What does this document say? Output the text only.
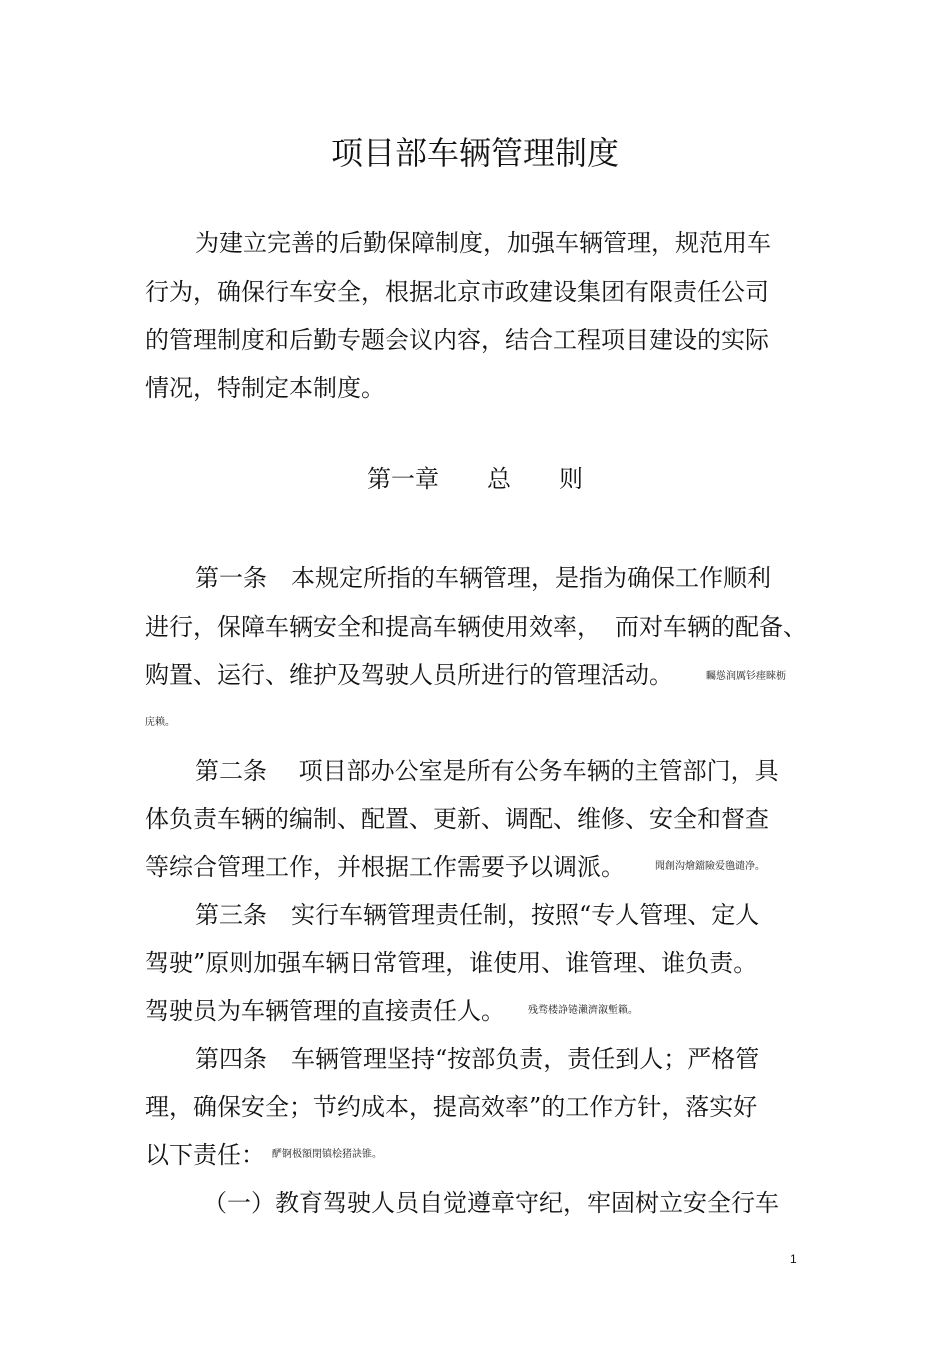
项目部车辆管理制度
为建立完善的后勤保障制度，加强车辆管理，规范用车
行为，确保行车安全，根据北京市政建设集团有限责任公司
的管理制度和后勤专题会议内容，结合工程项目建设的实际
情况，特制定本制度。
第一章　　总　　则
第一条　本规定所指的车辆管理，是指为确保工作顺利
进行，保障车辆安全和提高车辆使用效率， 而对车辆的配备、
购置、运行、维护及驾驶人员所进行的管理活动。	矚慫润厲钐瘗睞枥
庑赖。
第二条　 项目部办公室是所有公务车辆的主管部门，具
体负责车辆的编制、配置、更新、调配、维修、安全和督查
等综合管理工作，并根据工作需要予以调派。	聞創沟燴鐺險爱氇谴净。
第三条　实行车辆管理责任制，按照“专人管理、定人
驾驶”原则加强车辆日常管理，谁使用、谁管理、谁负责。
驾驶员为车辆管理的直接责任人。 残骛楼諍锩瀨濟溆塹籟。
第四条　车辆管理坚持“按部负责，责任到人；严格管
理，确保安全；节约成本，提高效率”的工作方针，落实好
以下责任： 酽锕极額閉镇桧猪訣锥。
（一）教育驾驶人员自觉遵章守纪，牢固树立安全行车
1
